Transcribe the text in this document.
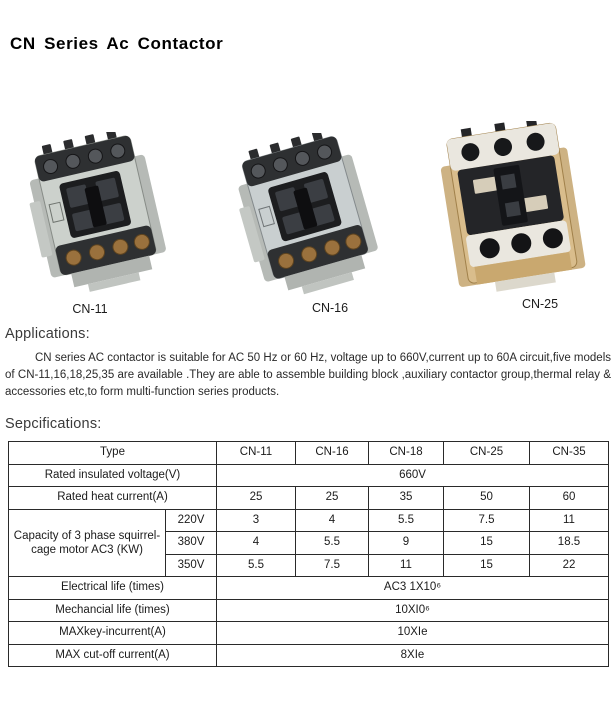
CN Series Ac Contactor
CN-11	CN-16	CN-25
Applications:

CN series AC contactor is suitable for AC 50 Hz or 60 Hz, voltage up to 660V,current up to 60A circuit,five models of CN-11,16,18,25,35 are available .They are able to assemble building block ,auxiliary contactor group,thermal relay & accessories etc,to form multi-function series products.

Sepcifications:
Type		CN-11	CN-16	CN-18	CN-25	CN-35
Rated insulated voltage(V)		660V				
Rated heat current(A)		25	25	35	50	60
Capacity of 3 phase squirrel-cage motor AC3 (KW)	220V	3	4	5.5	7.5	11
	380V	4	5.5	9	15	18.5
	350V	5.5	7.5	11	15	22
Electrical life (times)		AC3 1X10⁶				
Mechancial life (times)		10XI0⁶				
MAXkey-incurrent(A)		10XIe				
MAX cut-off current(A)		8XIe				
